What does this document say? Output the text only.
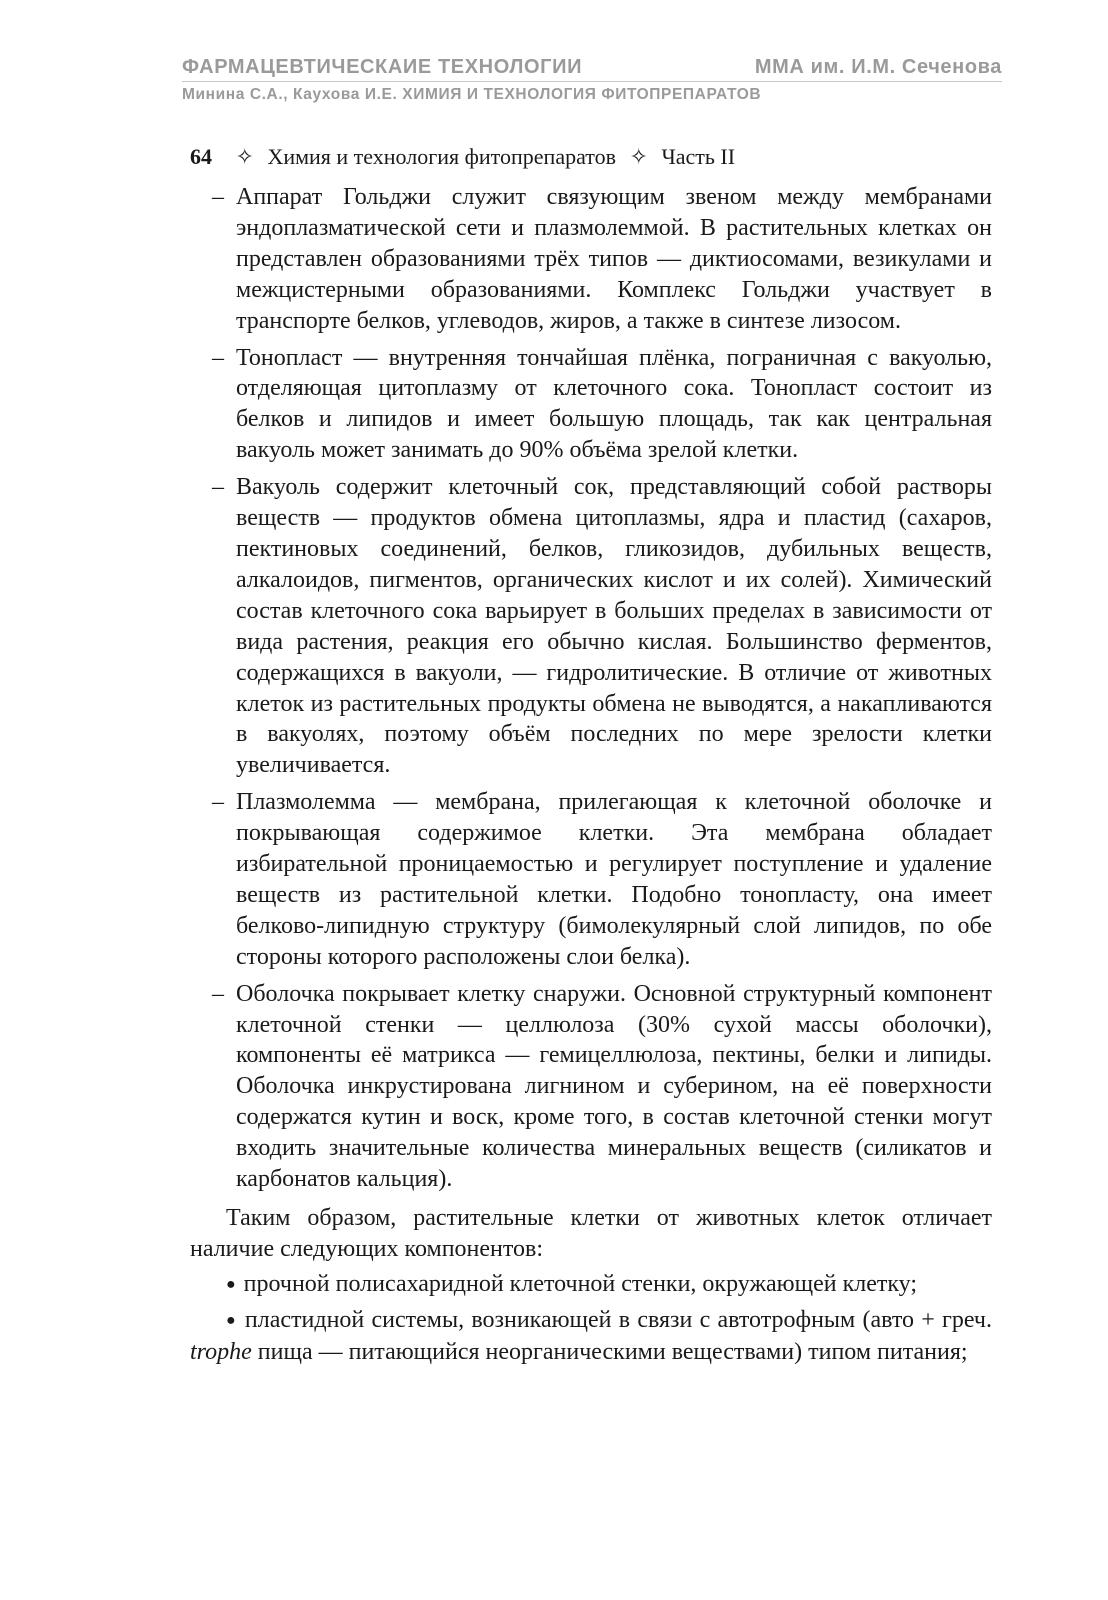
ФАРМАЦЕВТИЧЕСКАИЕ ТЕХНОЛОГИИ	ММА им. И.М. Сеченова
Минина С.А., Каухова И.Е. ХИМИЯ И ТЕХНОЛОГИЯ ФИТОПРЕПАРАТОВ
64 ✧ Химия и технология фитопрепаратов ✧ Часть II
– Аппарат Гольджи служит связующим звеном между мембранами эндоплазматической сети и плазмолеммой. В растительных клетках он представлен образованиями трёх типов — диктиосомами, везикулами и межцистерными образованиями. Комплекс Гольджи участвует в транспорте белков, углеводов, жиров, а также в синтезе лизосом.
– Тонопласт — внутренняя тончайшая плёнка, пограничная с вакуолью, отделяющая цитоплазму от клеточного сока. Тонопласт состоит из белков и липидов и имеет большую площадь, так как центральная вакуоль может занимать до 90% объёма зрелой клетки.
– Вакуоль содержит клеточный сок, представляющий собой растворы веществ — продуктов обмена цитоплазмы, ядра и пластид (сахаров, пектиновых соединений, белков, гликозидов, дубильных веществ, алкалоидов, пигментов, органических кислот и их солей). Химический состав клеточного сока варьирует в больших пределах в зависимости от вида растения, реакция его обычно кислая. Большинство ферментов, содержащихся в вакуоли, — гидролитические. В отличие от животных клеток из растительных продукты обмена не выводятся, а накапливаются в вакуолях, поэтому объём последних по мере зрелости клетки увеличивается.
– Плазмолемма — мембрана, прилегающая к клеточной оболочке и покрывающая содержимое клетки. Эта мембрана обладает избирательной проницаемостью и регулирует поступление и удаление веществ из растительной клетки. Подобно тонопласту, она имеет белково-липидную структуру (бимолекулярный слой липидов, по обе стороны которого расположены слои белка).
– Оболочка покрывает клетку снаружи. Основной структурный компонент клеточной стенки — целлюлоза (30% сухой массы оболочки), компоненты её матрикса — гемицеллюлоза, пектины, белки и липиды. Оболочка инкрустирована лигнином и суберином, на её поверхности содержатся кутин и воск, кроме того, в состав клеточной стенки могут входить значительные количества минеральных веществ (силикатов и карбонатов кальция).
Таким образом, растительные клетки от животных клеток отличает наличие следующих компонентов:
● прочной полисахаридной клеточной стенки, окружающей клетку;
● пластидной системы, возникающей в связи с автотрофным (авто + греч. trophe пища — питающийся неорганическими веществами) типом питания;
